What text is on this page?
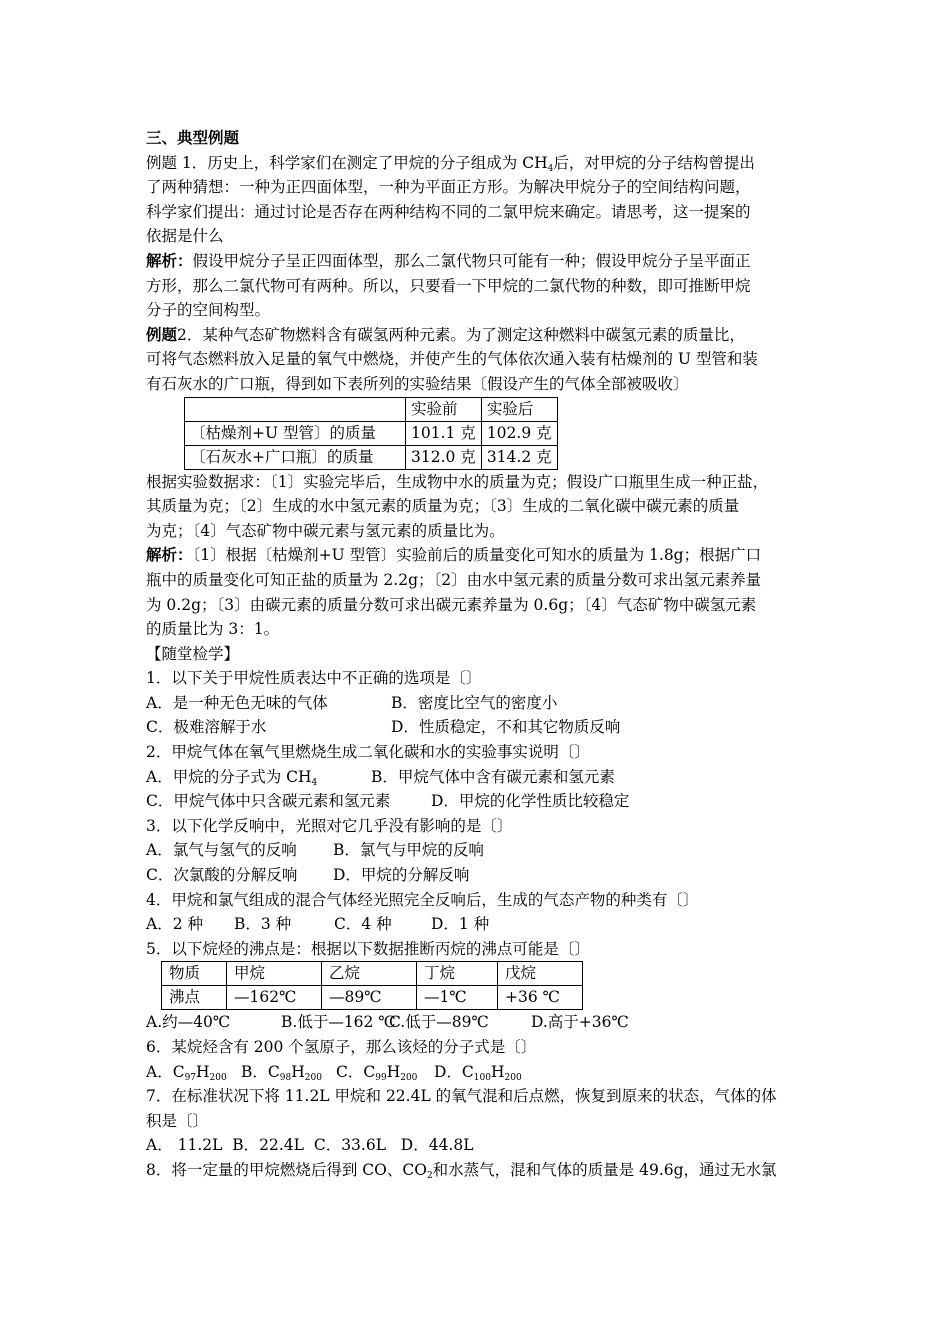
三、典型例题
例题 1．历史上，科学家们在测定了甲烷的分子组成为 $CH_4$后，对甲烷的分子结构曾提出
了两种猜想：一种为正四面体型，一种为平面正方形。为解决甲烷分子的空间结构问题，
科学家们提出：通过讨论是否存在两种结构不同的二氯甲烷来确定。请思考，这一提案的
依据是什么
解析：假设甲烷分子呈正四面体型，那么二氯代物只可能有一种；假设甲烷分子呈平面正
方形，那么二氯代物可有两种。所以，只要看一下甲烷的二氯代物的种数，即可推断甲烷
分子的空间构型。
例题2．某种气态矿物燃料含有碳氢两种元素。为了测定这种燃料中碳氢元素的质量比，
可将气态燃料放入足量的氧气中燃烧，并使产生的气体依次通入装有枯燥剂的 U 型管和装
有石灰水的广口瓶，得到如下表所列的实验结果〔假设产生的气体全部被吸收〕
	实验前	实验后
〔枯燥剂+U 型管〕的质量	101.1 克	102.9 克
〔石灰水+广口瓶〕的质量	312.0 克	314.2 克
根据实验数据求：〔1〕实验完毕后，生成物中水的质量为克；假设广口瓶里生成一种正盐，
其质量为克；〔2〕生成的水中氢元素的质量为克；〔3〕生成的二氧化碳中碳元素的质量
为克；〔4〕气态矿物中碳元素与氢元素的质量比为。
解析：〔1〕根据〔枯燥剂+U 型管〕实验前后的质量变化可知水的质量为 1.8g；根据广口
瓶中的质量变化可知正盐的质量为 2.2g；〔2〕由水中氢元素的质量分数可求出氢元素养量
为 0.2g；〔3〕由碳元素的质量分数可求出碳元素养量为 0.6g；〔4〕气态矿物中碳氢元素
的质量比为 3：1。
【随堂检学】
1．以下关于甲烷性质表达中不正确的选项是〔〕
A．是一种无色无味的气体	B．密度比空气的密度小
C．极难溶解于水	D．性质稳定，不和其它物质反响
2．甲烷气体在氧气里燃烧生成二氧化碳和水的实验事实说明〔〕
A．甲烷的分子式为 $CH_4$	B．甲烷气体中含有碳元素和氢元素
C．甲烷气体中只含碳元素和氢元素	D．甲烷的化学性质比较稳定
3．以下化学反响中，光照对它几乎没有影响的是〔〕
A．氯气与氢气的反响 B．氯气与甲烷的反响
C．次氯酸的分解反响 D．甲烷的分解反响
4．甲烷和氯气组成的混合气体经光照完全反响后，生成的气态产物的种类有〔〕
A．2 种 B．3 种	C．4 种	D．1 种
5．以下烷烃的沸点是：根据以下数据推断丙烷的沸点可能是〔〕
物质	甲烷	乙烷	丁烷	戊烷
沸点	—162℃	—89℃	—1℃	+36 ℃
A.约—40℃	B.低于—162 ℃C.低于—89℃	D.高于+36℃
6．某烷烃含有 200 个氢原子，那么该烃的分子式是〔〕
A．$C_{97}H_{200}$ B．$C_{98}H_{200}$ C．$C_{99}H_{200}$ D．$C_{100}H_{200}$
7．在标准状况下将 11.2L 甲烷和 22.4L 的氧气混和后点燃，恢复到原来的状态，气体的体
积是〔〕
A． 11.2L  B．22.4L  C．33.6L   D．44.8L
8．将一定量的甲烷燃烧后得到 CO、$CO_2$和水蒸气，混和气体的质量是 49.6g，通过无水氯
